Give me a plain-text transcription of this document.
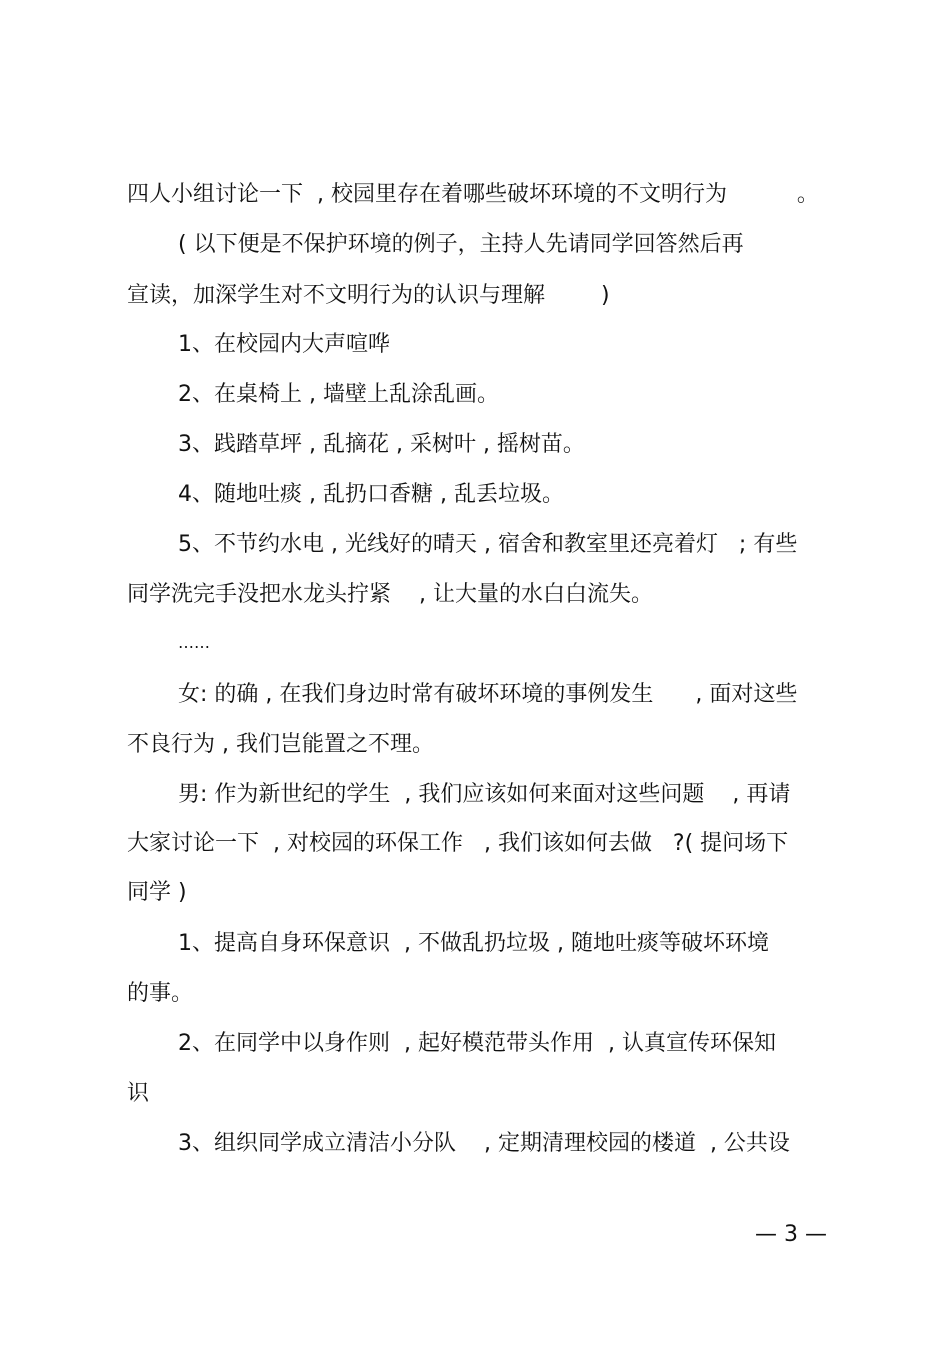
四人小组讨论一下  , 校园里存在着哪些破坏环境的不文明行为          。
( 以下便是不保护环境的例子，主持人先请同学回答然后再
宣读，加深学生对不文明行为的认识与理解        )
1、在校园内大声喧哗
2、在桌椅上 , 墙壁上乱涂乱画。
3、践踏草坪 , 乱摘花 , 采树叶 , 摇树苗。
4、随地吐痰 , 乱扔口香糖 , 乱丢垃圾。
5、不节约水电 , 光线好的晴天 , 宿舍和教室里还亮着灯   ; 有些
同学洗完手没把水龙头拧紧    , 让大量的水白白流失。
……
女: 的确 , 在我们身边时常有破坏环境的事例发生      , 面对这些
不良行为 , 我们岂能置之不理。
男: 作为新世纪的学生  , 我们应该如何来面对这些问题    , 再请
大家讨论一下  , 对校园的环保工作   , 我们该如何去做   ?( 提问场下
同学 )
1、提高自身环保意识  , 不做乱扔垃圾 , 随地吐痰等破坏环境
的事。
2、在同学中以身作则  , 起好模范带头作用  , 认真宣传环保知
识
3、组织同学成立清洁小分队    , 定期清理校园的楼道  , 公共设
— 3 —
